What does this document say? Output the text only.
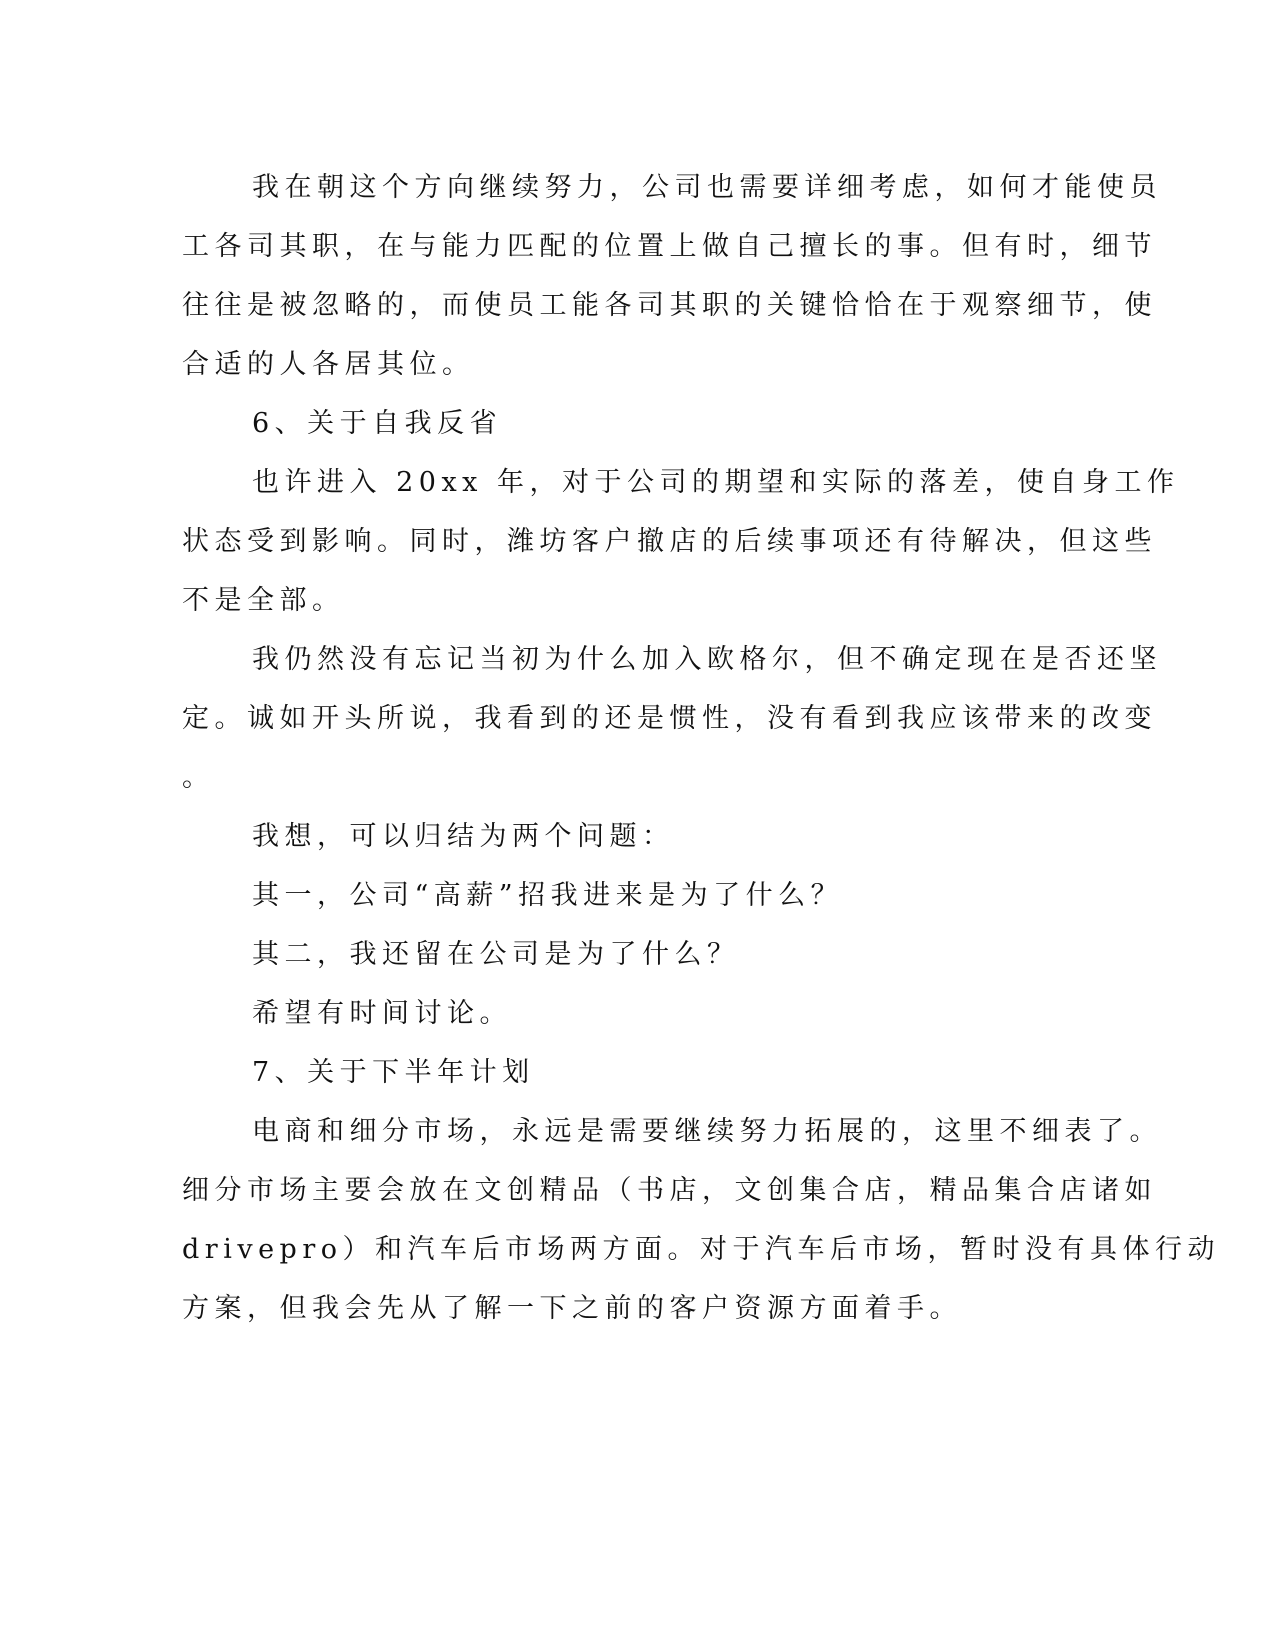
我在朝这个方向继续努力，公司也需要详细考虑，如何才能使员
工各司其职，在与能力匹配的位置上做自己擅长的事。但有时，细节
往往是被忽略的，而使员工能各司其职的关键恰恰在于观察细节，使
合适的人各居其位。
6、关于自我反省
也许进入 20xx 年，对于公司的期望和实际的落差，使自身工作
状态受到影响。同时，潍坊客户撤店的后续事项还有待解决，但这些
不是全部。
我仍然没有忘记当初为什么加入欧格尔，但不确定现在是否还坚
定。诚如开头所说，我看到的还是惯性，没有看到我应该带来的改变
。
我想，可以归结为两个问题：
其一，公司“高薪”招我进来是为了什么？
其二，我还留在公司是为了什么？
希望有时间讨论。
7、关于下半年计划
电商和细分市场，永远是需要继续努力拓展的，这里不细表了。
细分市场主要会放在文创精品（书店，文创集合店，精品集合店诸如
drivepro）和汽车后市场两方面。对于汽车后市场，暂时没有具体行动
方案，但我会先从了解一下之前的客户资源方面着手。
